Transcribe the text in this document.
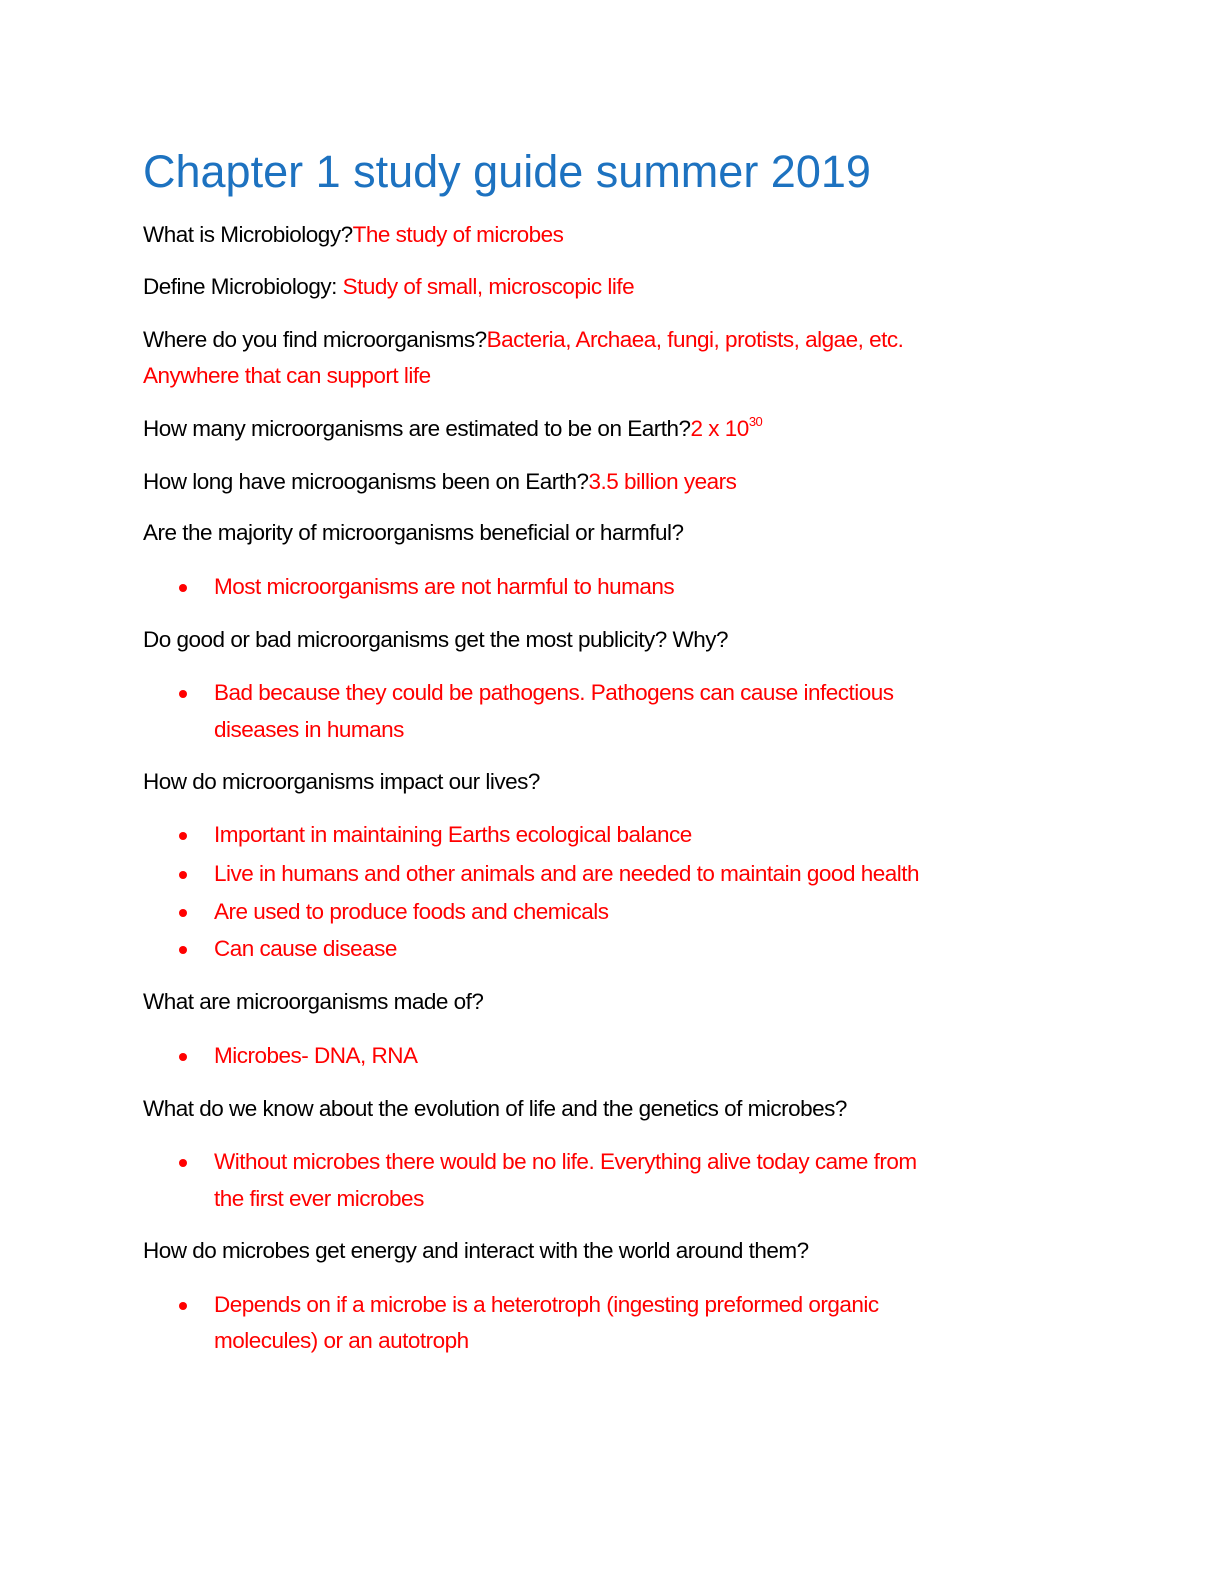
Chapter 1 study guide summer 2019
What is Microbiology?The study of microbes
Define Microbiology: Study of small, microscopic life
Where do you find microorganisms?Bacteria, Archaea, fungi, protists, algae, etc.
Anywhere that can support life
How many microorganisms are estimated to be on Earth?2 x $10^{30}$
How long have microoganisms been on Earth?3.5 billion years
Are the majority of microorganisms beneficial or harmful?
Most microorganisms are not harmful to humans
Do good or bad microorganisms get the most publicity? Why?
Bad because they could be pathogens. Pathogens can cause infectious
diseases in humans
How do microorganisms impact our lives?
Important in maintaining Earths ecological balance
Live in humans and other animals and are needed to maintain good health
Are used to produce foods and chemicals
Can cause disease
What are microorganisms made of?
Microbes- DNA, RNA
What do we know about the evolution of life and the genetics of microbes?
Without microbes there would be no life. Everything alive today came from
the first ever microbes
How do microbes get energy and interact with the world around them?
Depends on if a microbe is a heterotroph (ingesting preformed organic
molecules) or an autotroph
